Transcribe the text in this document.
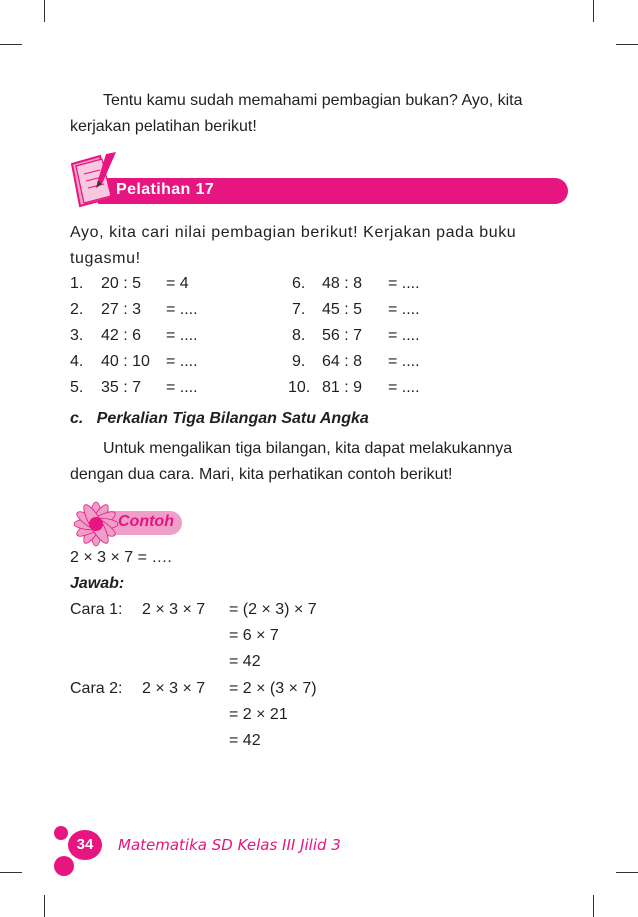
Tentu kamu sudah memahami pembagian bukan? Ayo, kita
kerjakan pelatihan berikut!
Pelatihan 17
Ayo, kita cari nilai pembagian berikut! Kerjakan pada buku
tugasmu!
1. 20 : 5 = 4	6. 48 : 8 = ....
2. 27 : 3 = ....	7. 45 : 5 = ....
3. 42 : 6 = ....	8. 56 : 7 = ....
4. 40 : 10 = ....	9. 64 : 8 = ....
5. 35 : 7 = ....	10. 81 : 9 = ....
c.   Perkalian Tiga Bilangan Satu Angka
Untuk mengalikan tiga bilangan, kita dapat melakukannya
dengan dua cara. Mari, kita perhatikan contoh berikut!
Contoh
2 × 3 × 7 = ….
Jawab:
Cara 1: 2 × 3 × 7 = (2 × 3) × 7
= 6 × 7
= 42
Cara 2: 2 × 3 × 7 = 2 × (3 × 7)
= 2 × 21
= 42
34	Matematika SD Kelas III Jilid 3
